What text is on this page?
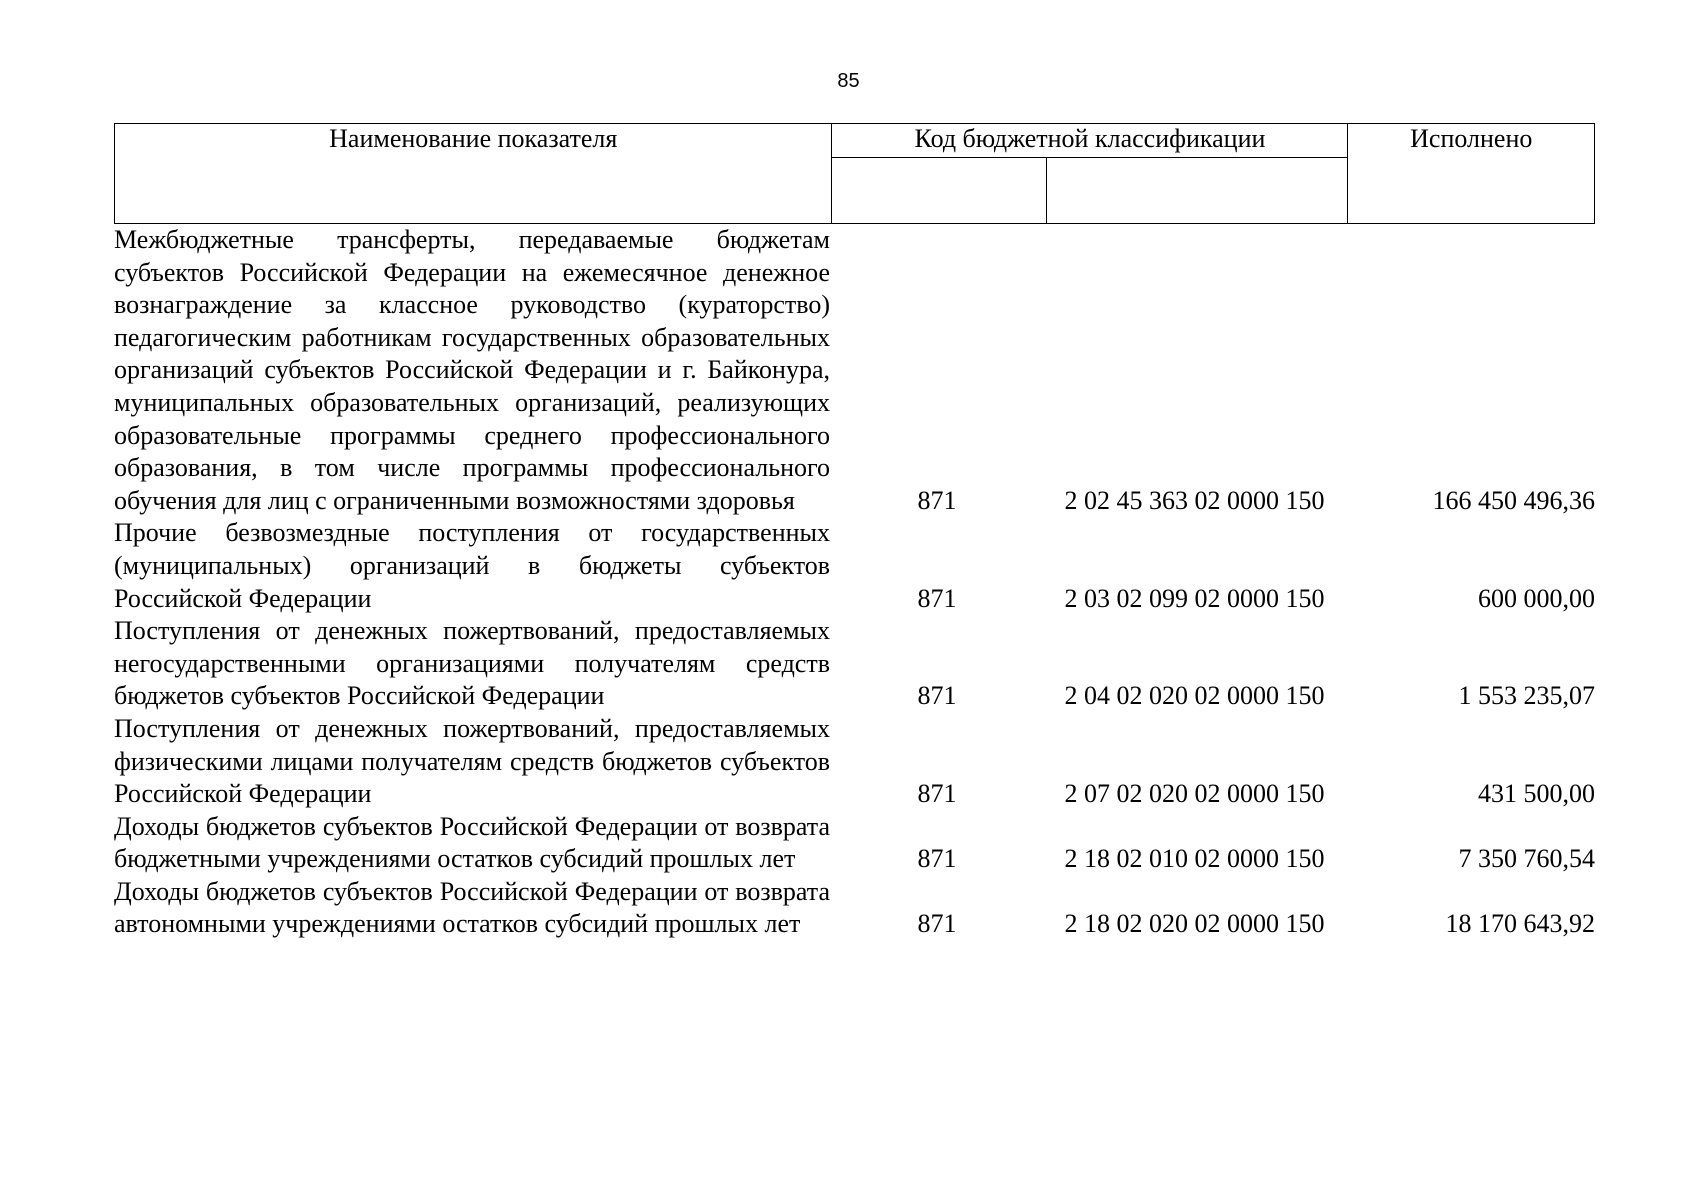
85
Наименование показателя	Код бюджетной классификации		Исполнено

Межбюджетные трансферты, передаваемые бюджетам субъектов Российской Федерации на ежемесячное денежное вознаграждение за классное руководство (кураторство) педагогическим работникам государственных образовательных организаций субъектов Российской Федерации и г. Байконура, муниципальных образовательных организаций, реализующих образовательные программы среднего профессионального образования, в том числе программы профессионального обучения для лиц с ограниченными возможностями здоровья	871	2 02 45 363 02 0000 150	166 450 496,36
Прочие безвозмездные поступления от государственных (муниципальных) организаций в бюджеты субъектов Российской Федерации	871	2 03 02 099 02 0000 150	600 000,00
Поступления от денежных пожертвований, предоставляемых негосударственными организациями получателям средств бюджетов субъектов Российской Федерации	871	2 04 02 020 02 0000 150	1 553 235,07
Поступления от денежных пожертвований, предоставляемых физическими лицами получателям средств бюджетов субъектов Российской Федерации	871	2 07 02 020 02 0000 150	431 500,00
Доходы бюджетов субъектов Российской Федерации от возврата бюджетными учреждениями остатков субсидий прошлых лет	871	2 18 02 010 02 0000 150	7 350 760,54
Доходы бюджетов субъектов Российской Федерации от возврата автономными учреждениями остатков субсидий прошлых лет	871	2 18 02 020 02 0000 150	18 170 643,92
